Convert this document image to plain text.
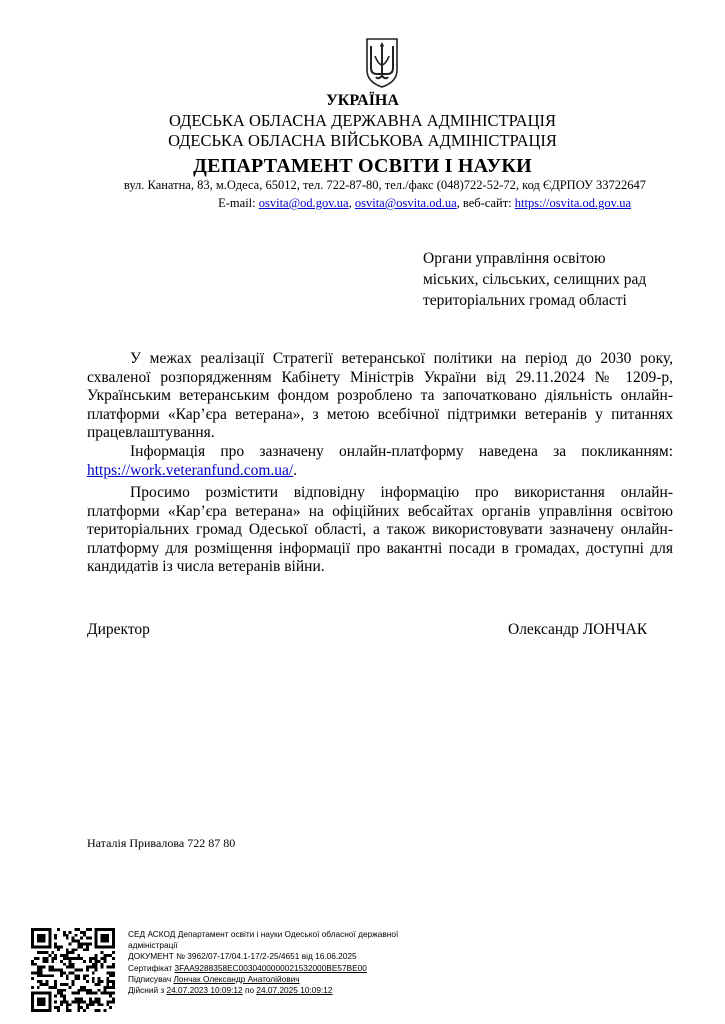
УКРАЇНА
ОДЕСЬКА ОБЛАСНА ДЕРЖАВНА АДМІНІСТРАЦІЯ
ОДЕСЬКА ОБЛАСНА ВІЙСЬКОВА АДМІНІСТРАЦІЯ
ДЕПАРТАМЕНТ ОСВІТИ І НАУКИ
вул. Канатна, 83, м.Одеса, 65012, тел. 722-87-80, тел./факс (048)722-52-72, код ЄДРПОУ 33722647
E-mail: osvita@od.gov.ua, osvita@osvita.od.ua, веб-сайт: https://osvita.od.gov.ua
Органи управління освітою
міських, сільських, селищних рад
територіальних громад області
У межах реалізації Стратегії ветеранської політики на період до 2030 року, схваленої розпорядженням Кабінету Міністрів України від 29.11.2024 № 1209-р, Українським ветеранським фондом розроблено та започатковано діяльність онлайн-платформи «Кар’єра ветерана», з метою всебічної підтримки ветеранів у питаннях працевлаштування.
Інформація про зазначену онлайн-платформу наведена за покликанням: https://work.veteranfund.com.ua/.
Просимо розмістити відповідну інформацію про використання онлайн-платформи «Кар’єра ветерана» на офіційних вебсайтах органів управління освітою територіальних громад Одеської області, а також використовувати зазначену онлайн-платформу для розміщення інформації про вакантні посади в громадах, доступні для кандидатів із числа ветеранів війни.
Директор	Олександр ЛОНЧАК
Наталія Привалова 722 87 80
СЕД АСКОД Департамент освіти і науки Одеської обласної державної адміністрації
ДОКУМЕНТ № 3962/07-17/04.1-17/2-25/4651 від 16.06.2025
Сертифікат 3FAA9288358EC0030400000021532000BE57BE00
Підписувач Лончак Олександр Анатолійович
Дійсний з 24.07.2023 10:09:12 по 24.07.2025 10:09:12
